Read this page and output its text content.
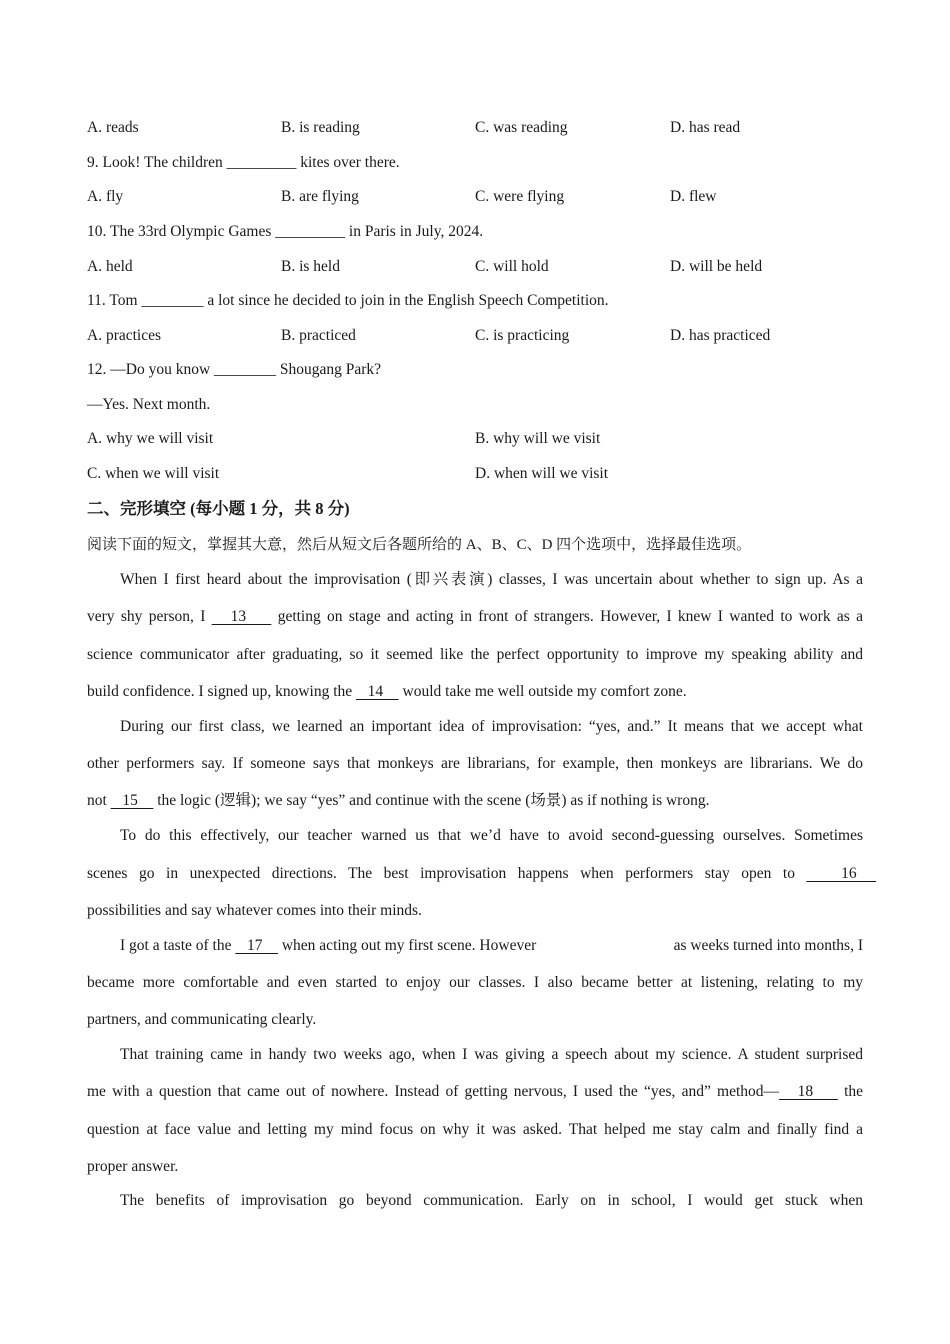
A. reads	B. is reading	C. was reading	D. has read
9. Look! The children _________ kites over there.
A. fly	B. are flying	C. were flying	D. flew
10. The 33rd Olympic Games _________ in Paris in July, 2024.
A. held	B. is held	C. will hold	D. will be held
11. Tom ________ a lot since he decided to join in the English Speech Competition.
A. practices	B. practiced	C. is practicing	D. has practiced
12. —Do you know ________ Shougang Park?
—Yes. Next month.
A. why we will visit	B. why will we visit
C. when we will visit	D. when will we visit
二、完形填空 (每小题 1 分，共 8 分)
阅读下面的短文，掌握其大意，然后从短文后各题所给的 A、B、C、D 四个选项中，选择最佳选项。
When I first heard about the improvisation (即兴表演) classes, I was uncertain about whether to sign up. As a
very shy person, I    13     getting on stage and acting in front of strangers. However, I knew I wanted to work as a
science communicator after graduating, so it seemed like the perfect opportunity to improve my speaking ability and
build confidence. I signed up, knowing the    14     would take me well outside my comfort zone.
During our first class, we learned an important idea of improvisation: “yes, and.” It means that we accept what
other performers say. If someone says that monkeys are librarians, for example, then monkeys are librarians. We do
not    15     the logic (逻辑); we say “yes” and continue with the scene (场景) as if nothing is wrong.
To do this effectively, our teacher warned us that we’d have to avoid second-guessing ourselves. Sometimes
scenes go in unexpected directions. The best improvisation happens when performers stay open to    16
possibilities and say whatever comes into their minds.
I got a taste of the    17     when acting out my first scene. However	as weeks turned into months, I
became more comfortable and even started to enjoy our classes. I also became better at listening, relating to my
partners, and communicating clearly.
That training came in handy two weeks ago, when I was giving a speech about my science. A student surprised
me with a question that came out of nowhere. Instead of getting nervous, I used the “yes, and” method—   18     the
question at face value and letting my mind focus on why it was asked. That helped me stay calm and finally find a
proper answer.
The benefits of improvisation go beyond communication. Early on in school, I would get stuck when
